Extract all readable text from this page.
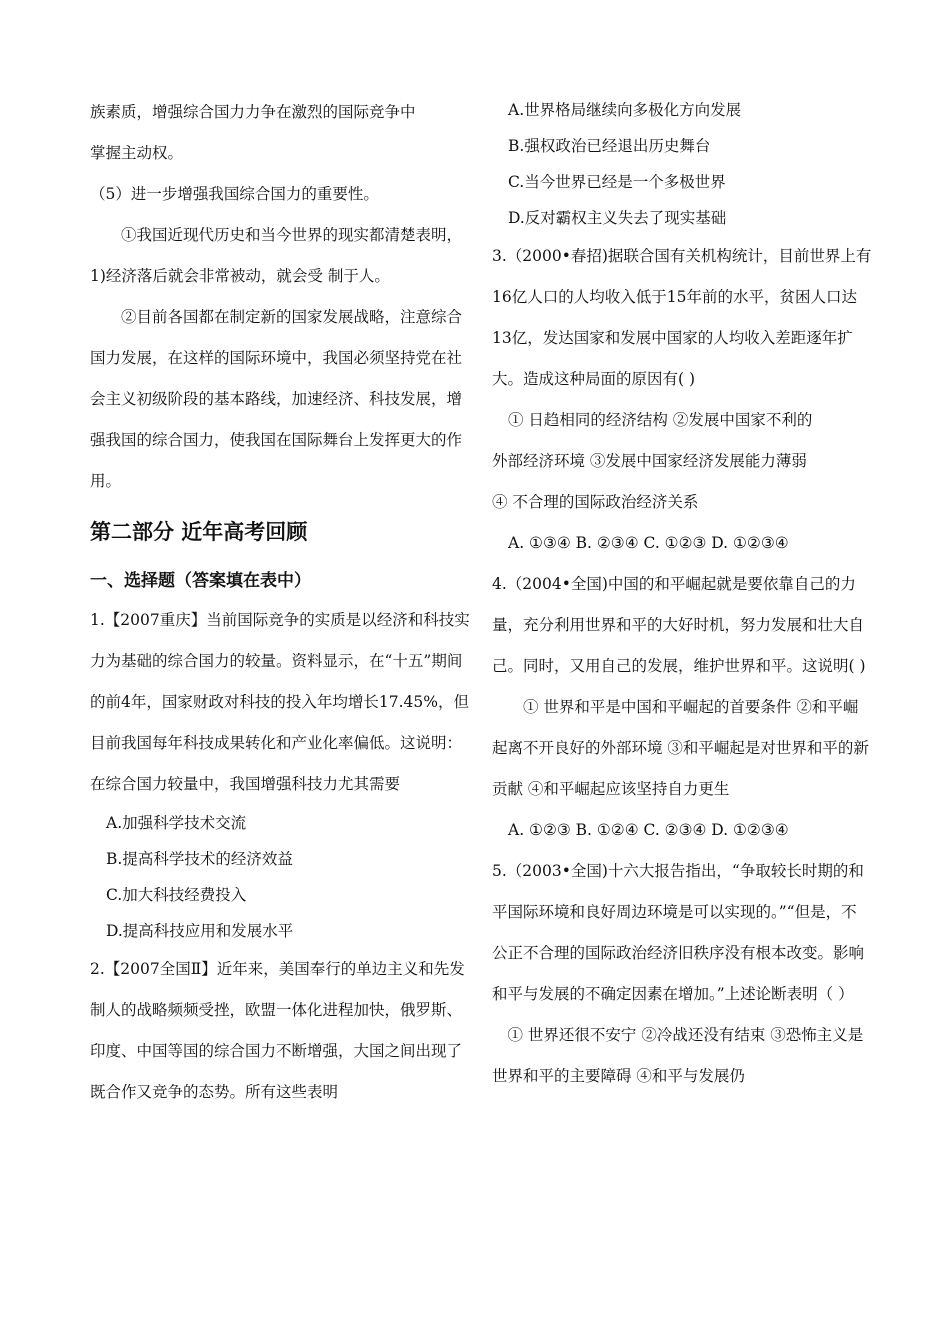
族素质，增强综合国力力争在激烈的国际竞争中

掌握主动权。

（5）进一步增强我国综合国力的重要性。

①我国近现代历史和当今世界的现实都清楚表明，1)经济落后就会非常被动，就会受 制于人。

②目前各国都在制定新的国家发展战略，注意综合国力发展，在这样的国际环境中，我国必须坚持党在社会主义初级阶段的基本路线，加速经济、科技发展，增强我国的综合国力，使我国在国际舞台上发挥更大的作用。

第二部分 近年高考回顾
一、选择题（答案填在表中）

1.【2007重庆】当前国际竞争的实质是以经济和科技实力为基础的综合国力的较量。资料显示，在“十五”期间的前4年，国家财政对科技的投入年均增长17.45%，但目前我国每年科技成果转化和产业化率偏低。这说明：在综合国力较量中，我国增强科技力尤其需要

A.加强科学技术交流

B.提高科学技术的经济效益

C.加大科技经费投入

D.提高科技应用和发展水平

2.【2007全国Ⅱ】近年来，美国奉行的单边主义和先发制人的战略频频受挫，欧盟一体化进程加快，俄罗斯、印度、中国等国的综合国力不断增强，大国之间出现了既合作又竞争的态势。所有这些表明

A.世界格局继续向多极化方向发展

B.强权政治已经退出历史舞台

C.当今世界已经是一个多极世界

D.反对霸权主义失去了现实基础

3.（2000•春招)据联合国有关机构统计，目前世界上有16亿人口的人均收入低于15年前的水平，贫困人口达13亿，发达国家和发展中国家的人均收入差距逐年扩大。造成这种局面的原因有( )

① 日趋相同的经济结构 ②发展中国家不利的

外部经济环境 ③发展中国家经济发展能力薄弱

④ 不合理的国际政治经济关系

A. ①③④ B. ②③④ C. ①②③ D. ①②③④

4.（2004•全国)中国的和平崛起就是要依靠自己的力量，充分利用世界和平的大好时机，努力发展和壮大自己。同时，又用自己的发展，维护世界和平。这说明( )

① 世界和平是中国和平崛起的首要条件 ②和平崛起离不开良好的外部环境 ③和平崛起是对世界和平的新贡献 ④和平崛起应该坚持自力更生

A. ①②③ B. ①②④ C. ②③④ D. ①②③④

5.（2003•全国)十六大报告指出，“争取较长时期的和平国际环境和良好周边环境是可以实现的。”“但是，不公正不合理的国际政治经济旧秩序没有根本改变。影响和平与发展的不确定因素在增加。”上述论断表明（ ）

① 世界还很不安宁 ②冷战还没有结束 ③恐怖主义是世界和平的主要障碍 ④和平与发展仍
